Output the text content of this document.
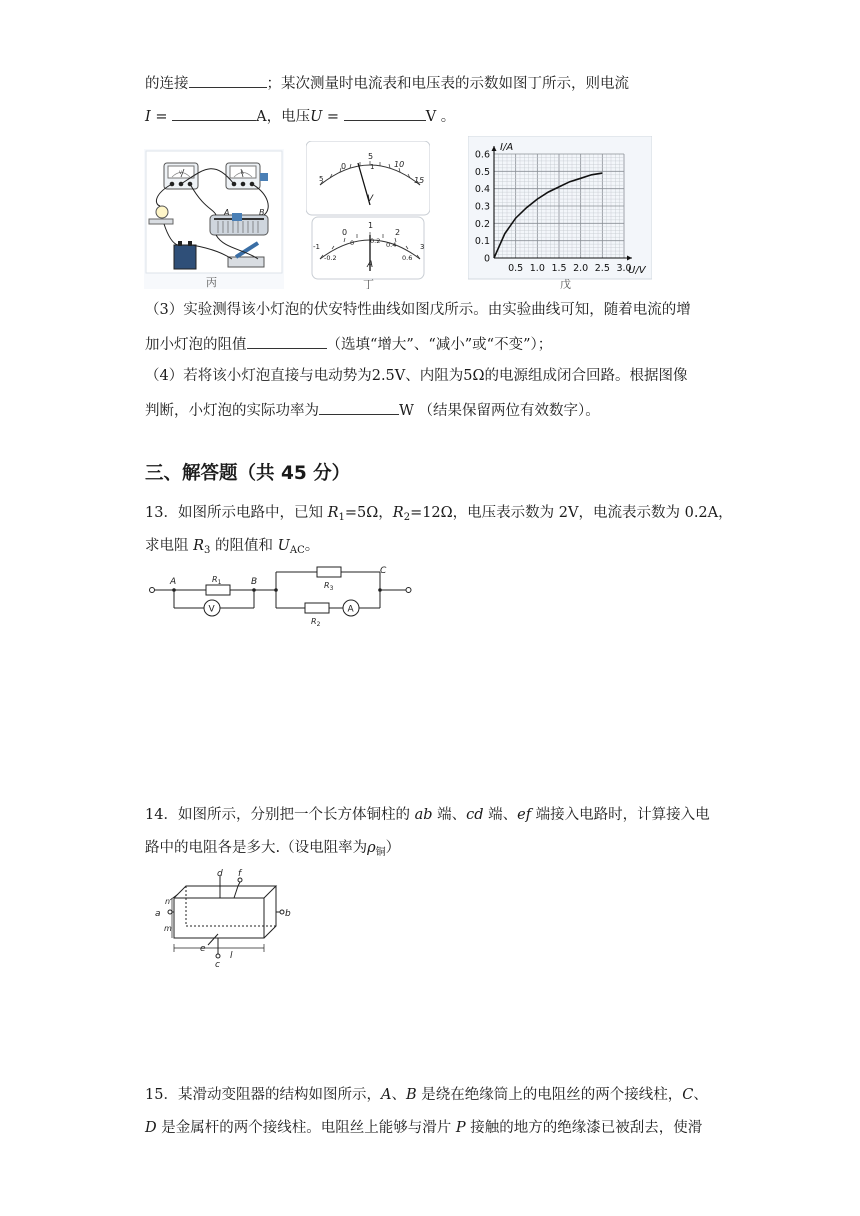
的连接	；某次测量时电流表和电压表的示数如图丁所示，则电流
I =	A，电压U =	V 。
V	A
A	B
丙
0
5
10
15
1
5
V
0
1
2
3
-1
-0.2
0 0.2 0.4
0.6
A
丁
0.6
0.5
0.4
0.3
0.2
0.1
0
0.5 1.0 1.5 2.0 2.5 3.0
I/A
U/V
戊
（3）实验测得该小灯泡的伏安特性曲线如图戊所示。由实验曲线可知，随着电流的增
加小灯泡的阻值	（选填“增大”、“减小”或“不变”）；
（4）若将该小灯泡直接与电动势为2.5V、内阻为5Ω的电源组成闭合回路。根据图像
判断，小灯泡的实际功率为	W （结果保留两位有效数字）。
三、解答题（共 45 分）
13．如图所示电路中，已知 $R_1=5\Omega$，$R_2=12\Omega$，电压表示数为 2V，电流表示数为 0.2A，
求电阻 $R_3$ 的阻值和 $U_{AC}$。
A	B
C
$R_1$	$R_3$
$R_2$
V	A
14．如图所示，分别把一个长方体铜柱的 ab 端、cd 端、ef 端接入电路时，计算接入电
路中的电阻各是多大.（设电阻率为$\rho_铜$）
d f
a	b
c
e
n
m
l
15．某滑动变阻器的结构如图所示，A、B 是绕在绝缘筒上的电阻丝的两个接线柱，C、
D 是金属杆的两个接线柱。电阻丝上能够与滑片 P 接触的地方的绝缘漆已被刮去，使滑
